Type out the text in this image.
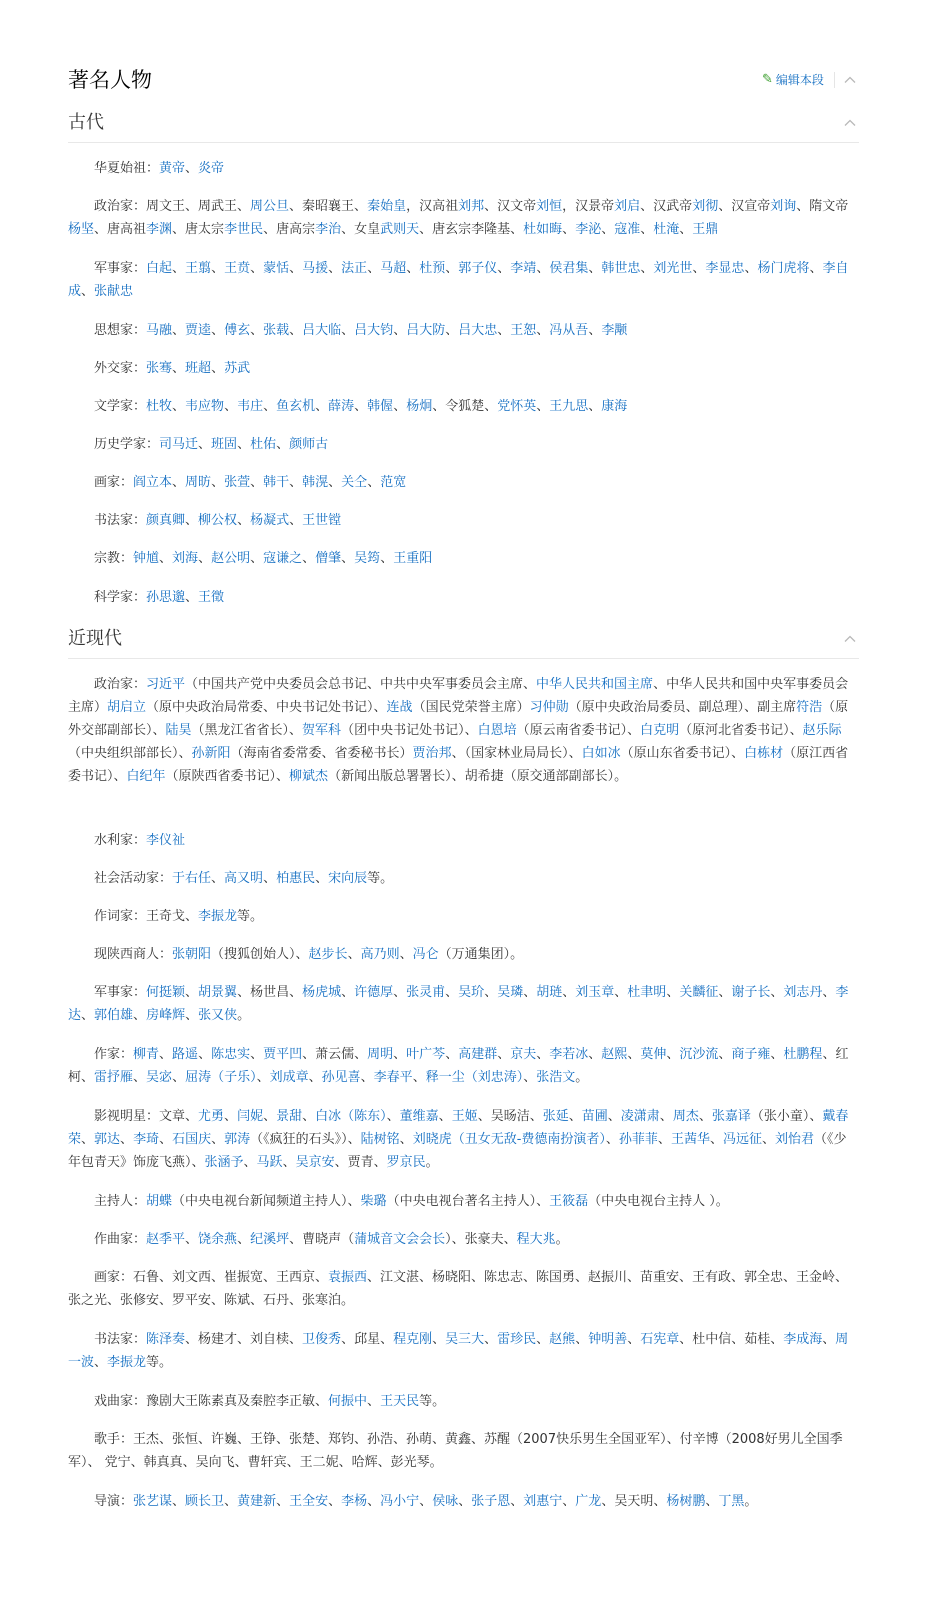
著名人物	✎ 编辑本段
古代
华夏始祖：黄帝、炎帝
政治家：周文王、周武王、周公旦、秦昭襄王、秦始皇，汉高祖刘邦、汉文帝刘恒，汉景帝刘启、汉武帝刘彻、汉宣帝刘询、隋文帝杨坚、唐高祖李渊、唐太宗李世民、唐高宗李治、女皇武则天、唐玄宗李隆基、杜如晦、李泌、寇准、杜淹、王鼎
军事家：白起、王翦、王贲、蒙恬、马援、法正、马超、杜预、郭子仪、李靖、侯君集、韩世忠、刘光世、李显忠、杨门虎将、李自成、张献忠
思想家：马融、贾逵、傅玄、张载、吕大临、吕大钧、吕大防、吕大忠、王恕、冯从吾、李颙
外交家：张骞、班超、苏武
文学家：杜牧、韦应物、韦庄、鱼玄机、薛涛、韩偓、杨炯、令狐楚、党怀英、王九思、康海
历史学家：司马迁、班固、杜佑、颜师古
画家：阎立本、周昉、张萱、韩干、韩滉、关仝、范宽
书法家：颜真卿、柳公权、杨凝式、王世镗
宗教：钟馗、刘海、赵公明、寇谦之、僧肇、吴筠、王重阳
科学家：孙思邈、王徵
近现代
政治家：习近平（中国共产党中央委员会总书记、中共中央军事委员会主席、中华人民共和国主席、中华人民共和国中央军事委员会主席）胡启立（原中央政治局常委、中央书记处书记）、连战（国民党荣誉主席）习仲勋（原中央政治局委员、副总理）、副主席符浩（原外交部副部长）、陆昊（黑龙江省省长）、贺军科（团中央书记处书记）、白恩培（原云南省委书记）、白克明（原河北省委书记）、赵乐际（中央组织部部长）、孙新阳（海南省委常委、省委秘书长）贾治邦、（国家林业局局长）、白如冰（原山东省委书记）、白栋材（原江西省委书记）、白纪年（原陕西省委书记）、柳斌杰（新闻出版总署署长）、胡希捷（原交通部副部长）。
水利家：李仪祉
社会活动家：于右任、高又明、柏惠民、宋向辰等。
作词家：王奇戈、李振龙等。
现陕西商人：张朝阳（搜狐创始人）、赵步长、高乃则、冯仑（万通集团）。
军事家：何挺颖、胡景翼、杨世昌、杨虎城、许德厚、张灵甫、吴玠、吴璘、胡琏、刘玉章、杜聿明、关麟征、谢子长、刘志丹、李达、郭伯雄、房峰辉、张又侠。
作家：柳青、路遥、陈忠实、贾平凹、萧云儒、周明、叶广芩、高建群、京夫、李若冰、赵熙、莫伸、沉沙流、商子雍、杜鹏程、红柯、雷抒雁、吴宓、屈涛（子乐）、刘成章、孙见喜、李春平、释一尘（刘忠涛）、张浩文。
影视明星：文章、尤勇、闫妮、景甜、白冰（陈东）、董维嘉、王姬、吴旸洁、张延、苗圃、凌潇肃、周杰、张嘉译（张小童）、戴春荣、郭达、李琦、石国庆、郭涛（《疯狂的石头》）、陆树铭、刘晓虎（丑女无敌-费德南扮演者）、孙菲菲、王茜华、冯远征、刘怡君（《少年包青天》饰庞飞燕）、张涵予、马跃、吴京安、贾青、罗京民。
主持人：胡蝶（中央电视台新闻频道主持人）、柴璐（中央电视台著名主持人）、王筱磊（中央电视台主持人 ）。
作曲家：赵季平、饶余燕、纪溪坪、曹晓声（蒲城音文会会长）、张豪夫、程大兆。
画家：石鲁、刘文西、崔振宽、王西京、袁振西、江文湛、杨晓阳、陈忠志、陈国勇、赵振川、苗重安、王有政、郭全忠、王金岭、张之光、张修安、罗平安、陈斌、石丹、张寒泊。
书法家：陈泽奏、杨建才、刘自椟、卫俊秀、邱星、程克刚、吴三大、雷珍民、赵熊、钟明善、石宪章、杜中信、茹桂、李成海、周一波、李振龙等。
戏曲家：豫剧大王陈素真及秦腔李正敏、何振中、王天民等。
歌手：王杰、张恒、许巍、王铮、张楚、郑钧、孙浩、孙萌、黄鑫、苏醒（2007快乐男生全国亚军）、付辛博（2008好男儿全国季军）、 党宁、韩真真、吴向飞、曹轩宾、王二妮、哈辉、彭光琴。
导演：张艺谋、顾长卫、黄建新、王全安、李杨、冯小宁、侯咏、张子恩、刘惠宁、广龙、吴天明、杨树鹏、丁黑。
